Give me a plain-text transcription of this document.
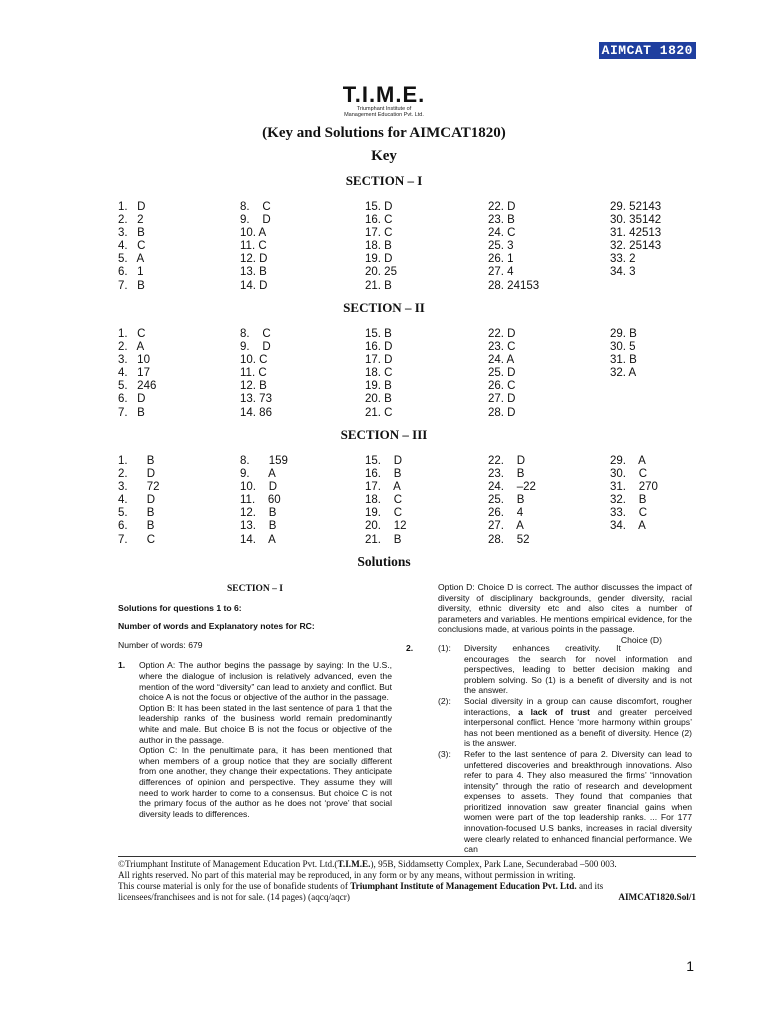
AIMCAT 1820
T.I.M.E.
Triumphant Institute of
Management Education Pvt. Ltd.
(Key and Solutions for AIMCAT1820)
Key
SECTION – I
1.   D
2.   2
3.   B
4.   C
5.   A
6.   1
7.   B
8.    C
9.    D
10. A
11. C
12. D
13. B
14. D
15. D
16. C
17. C
18. B
19. D
20. 25
21. B
22. D
23. B
24. C
25. 3
26. 1
27. 4
28. 24153
29. 52143
30. 35142
31. 42513
32. 25143
33. 2
34. 3
SECTION – II
1.   C
2.   A
3.   10
4.   17
5.   246
6.   D
7.   B
8.    C
9.    D
10. C
11. C
12. B
13. 73
14. 86
15. B
16. D
17. D
18. C
19. B
20. B
21. C
22. D
23. C
24. A
25. D
26. C
27. D
28. D
29. B
30. 5
31. B
32. A
SECTION – III
1.      B
2.      D
3.      72
4.      D
5.      B
6.      B
7.      C
8.      159
9.      A
10.    D
11.    60
12.    B
13.    B
14.    A
15.    D
16.    B
17.    A
18.    C
19.    C
20.    12
21.    B
22.    D
23.    B
24.    –22
25.    B
26.    4
27.    A
28.    52
29.    A
30.    C
31.    270
32.    B
33.    C
34.    A
Solutions
SECTION – I
Solutions for questions 1 to 6:
Number of words and Explanatory notes for RC:
Number of words: 679
1. Option A: The author begins the passage by saying: In the U.S., where the dialogue of inclusion is relatively advanced, even the mention of the word “diversity” can lead to anxiety and conflict. But choice A is not the focus or objective of the author in the passage.
Option B: It has been stated in the last sentence of para 1 that the leadership ranks of the business world remain predominantly white and male. But choice B is not the focus or objective of the author in the passage.
Option C: In the penultimate para, it has been mentioned that when members of a group notice that they are socially different from one another, they change their expectations. They anticipate differences of opinion and perspective. They assume they will need to work harder to come to a consensus. But choice C is not the primary focus of the author as he does not ‘prove’ that social diversity leads to differences.
Option D: Choice D is correct. The author discusses the impact of diversity of disciplinary backgrounds, gender diversity, racial diversity, ethnic diversity etc and also cites a number of parameters and variables. He mentions empirical evidence, for the conclusions made, at various points in the passage.
Choice (D)
2.	(1): Diversity enhances creativity. It encourages the search for novel information and perspectives, leading to better decision making and problem solving. So (1) is a benefit of diversity and is not the answer.
(2): Social diversity in a group can cause discomfort, rougher interactions, a lack of trust and greater perceived interpersonal conflict. Hence ‘more harmony within groups’ has not been mentioned as a benefit of diversity. Hence (2) is the answer.
(3): Refer to the last sentence of para 2. Diversity can lead to unfettered discoveries and breakthrough innovations. Also refer to para 4. They also measured the firms’ “innovation intensity” through the ratio of research and development expenses to assets. They found that companies that prioritized innovation saw greater financial gains when women were part of the top leadership ranks. ... For 177 innovation-focused U.S banks, increases in racial diversity were clearly related to enhanced financial performance. We can
©Triumphant Institute of Management Education Pvt. Ltd.(T.I.M.E.), 95B, Siddamsetty Complex, Park Lane, Secunderabad –500 003.
All rights reserved. No part of this material may be reproduced, in any form or by any means, without permission in writing.
This course material is only for the use of bonafide students of Triumphant Institute of Management Education Pvt. Ltd. and its
licensees/franchisees and is not for sale. (14 pages) (aqcq/aqcr)	AIMCAT1820.Sol/1
1
